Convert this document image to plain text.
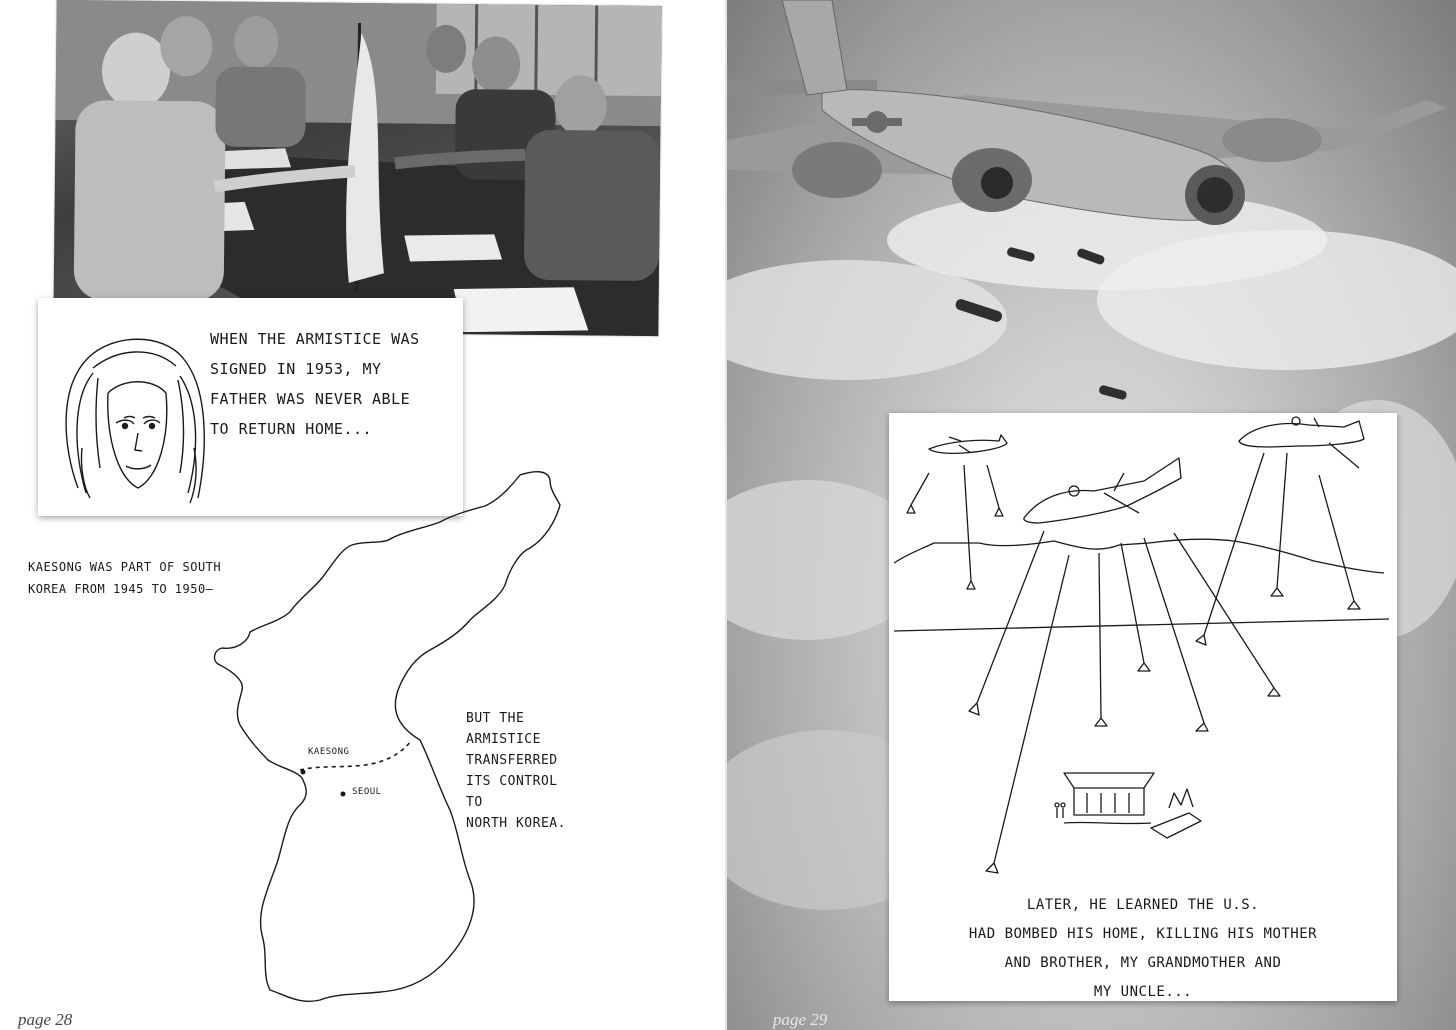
WHEN THE ARMISTICE WAS
SIGNED IN 1953, MY
FATHER WAS NEVER ABLE
TO RETURN HOME...
KAESONG WAS PART OF SOUTH
KOREA FROM 1945 TO 1950—
KAESONG
SEOUL
BUT THE
ARMISTICE
TRANSFERRED
ITS CONTROL
TO
NORTH KOREA.
page 28
LATER, HE LEARNED THE U.S.
HAD BOMBED HIS HOME, KILLING HIS MOTHER
AND BROTHER, MY GRANDMOTHER AND
MY UNCLE...
page 29
